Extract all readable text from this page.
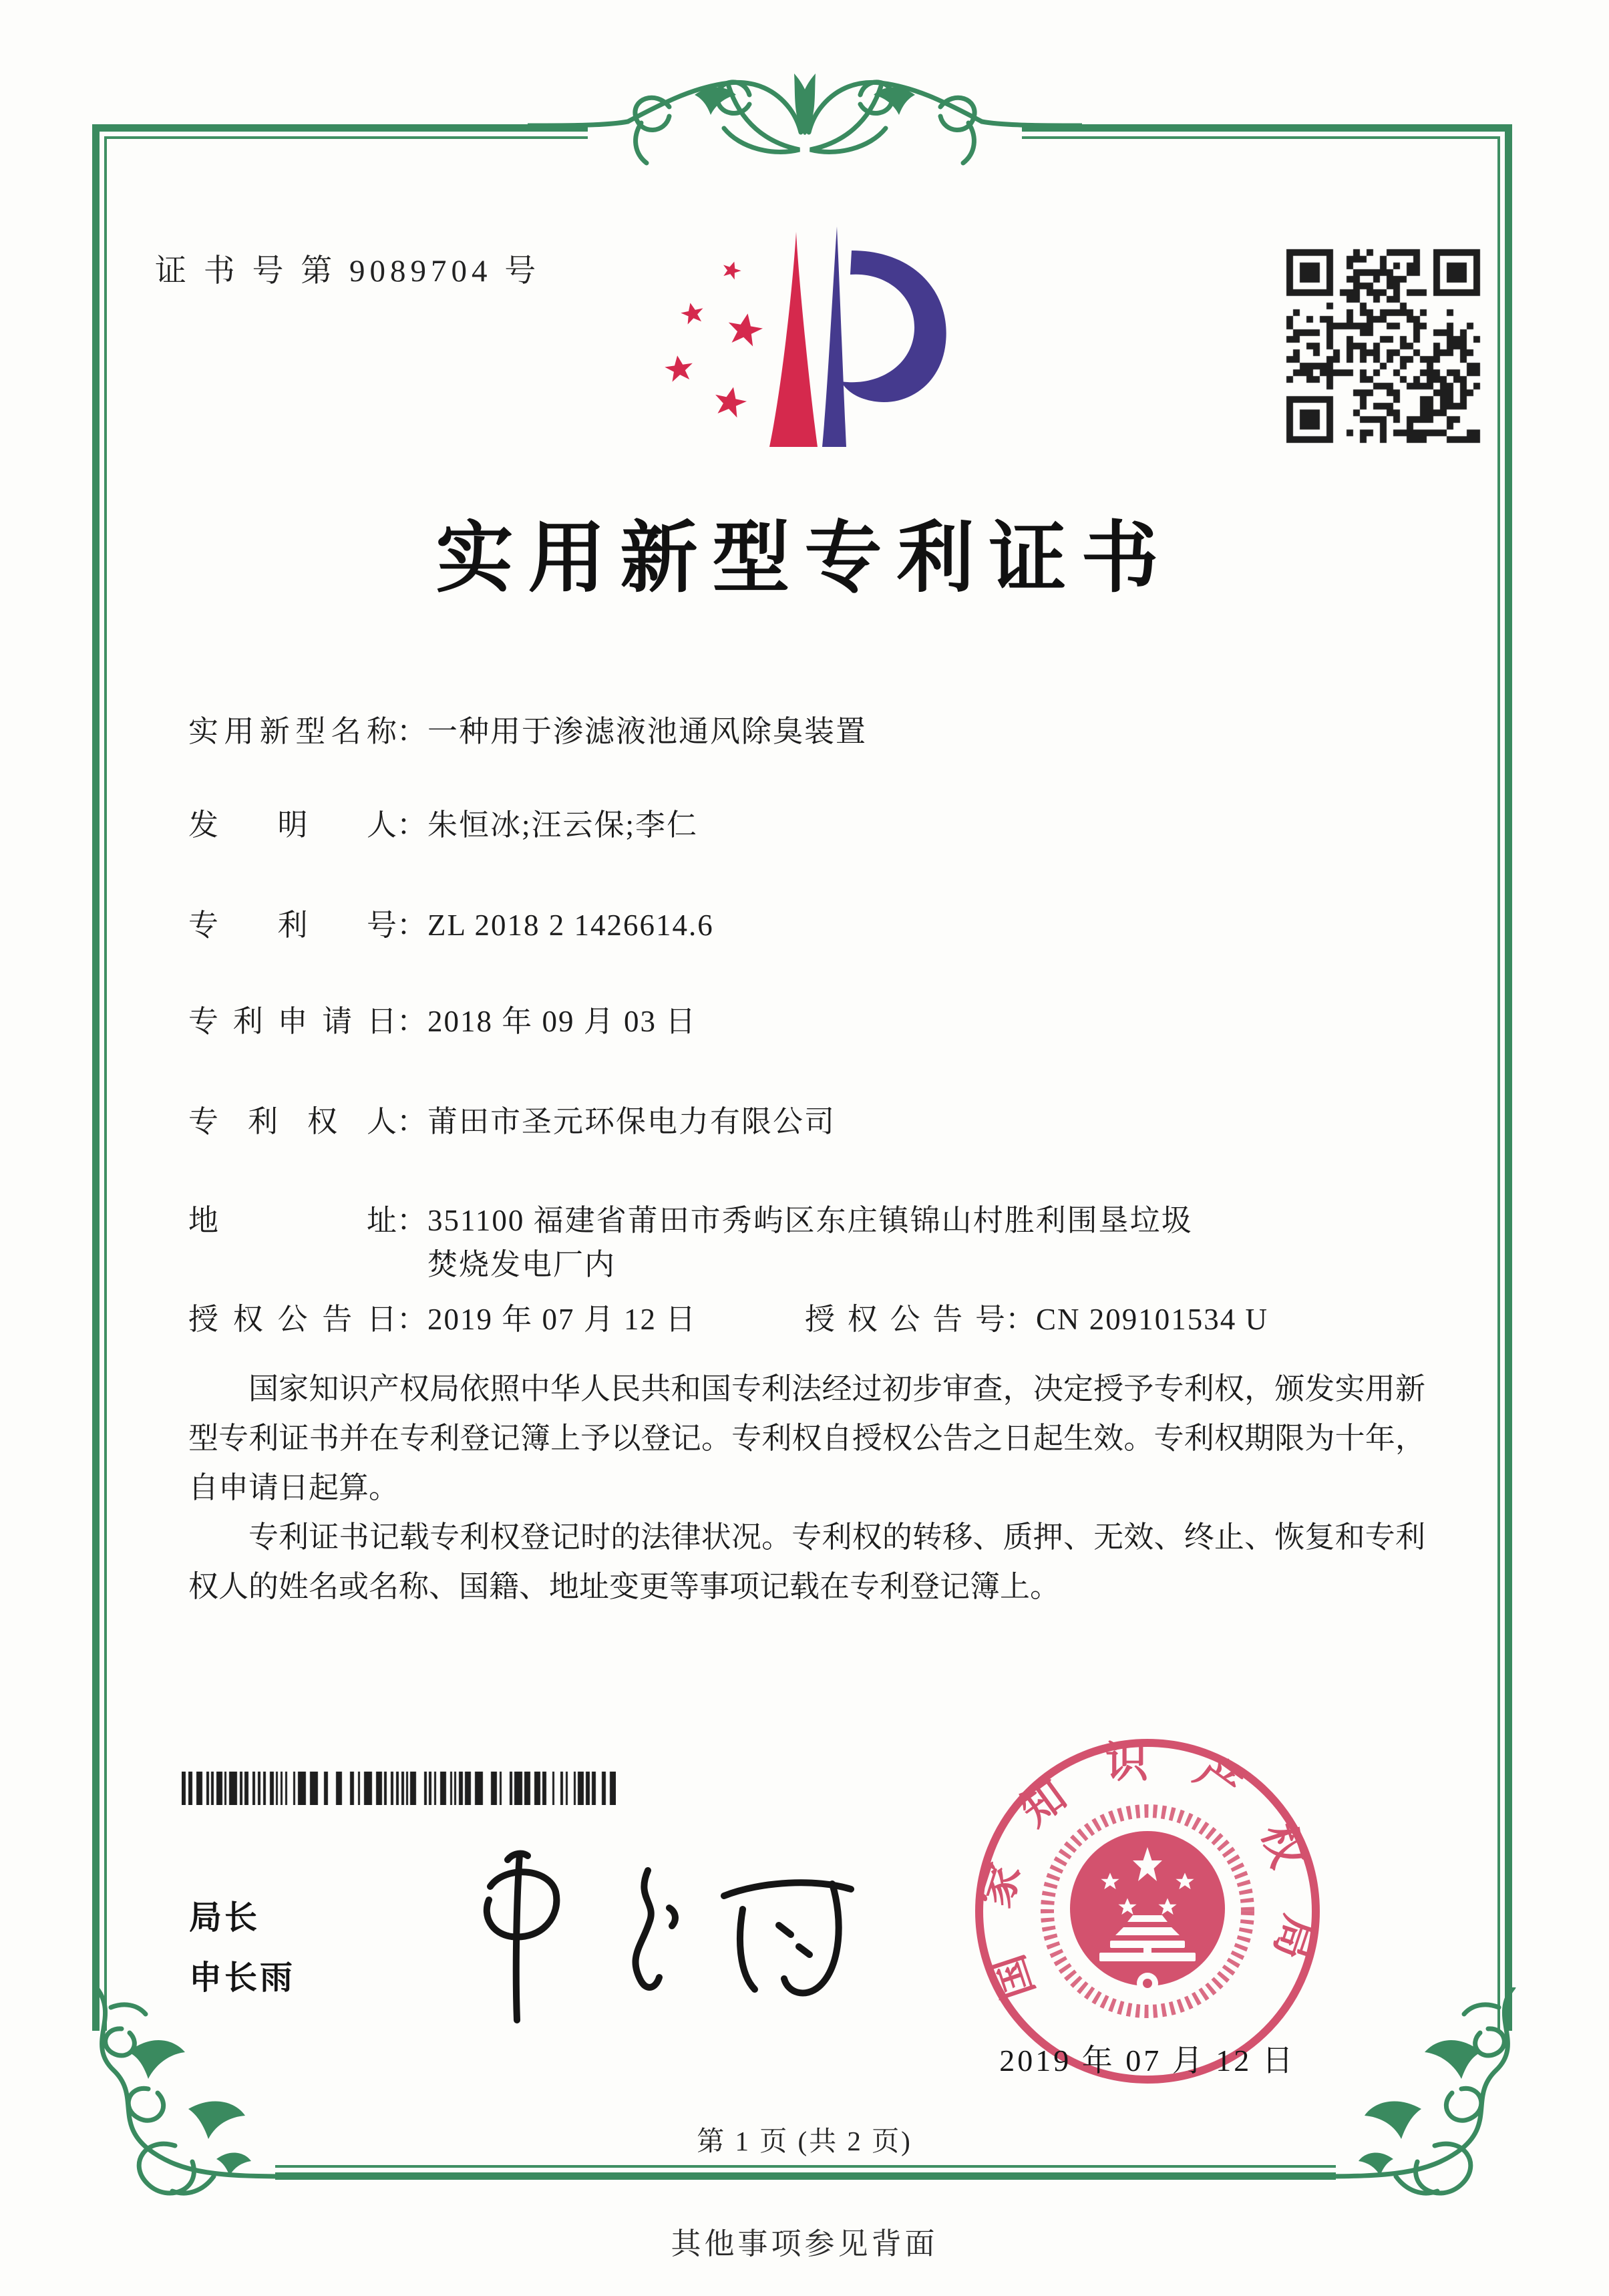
证 书 号 第 9089704 号
实用新型专利证书
实用新型名称：一种用于渗滤液池通风除臭装置
发明人：朱恒冰;汪云保;李仁
专利号：ZL 2018 2 1426614.6
专利申请日：2018 年 09 月 03 日
专利权人：莆田市圣元环保电力有限公司
地址：351100 福建省莆田市秀屿区东庄镇锦山村胜利围垦垃圾
焚烧发电厂内
授权公告日：2019 年 07 月 12 日	授权公告号：CN 209101534 U

国家知识产权局依照中华人民共和国专利法经过初步审查，决定授予专利权，颁发实用新型专利证书并在专利登记簿上予以登记。专利权自授权公告之日起生效。专利权期限为十年，自申请日起算。

专利证书记载专利权登记时的法律状况。专利权的转移、质押、无效、终止、恢复和专利权人的姓名或名称、国籍、地址变更等事项记载在专利登记簿上。

局长
申长雨	国家知识产权局
2019 年 07 月 12 日
第 1 页 (共 2 页)
其他事项参见背面
